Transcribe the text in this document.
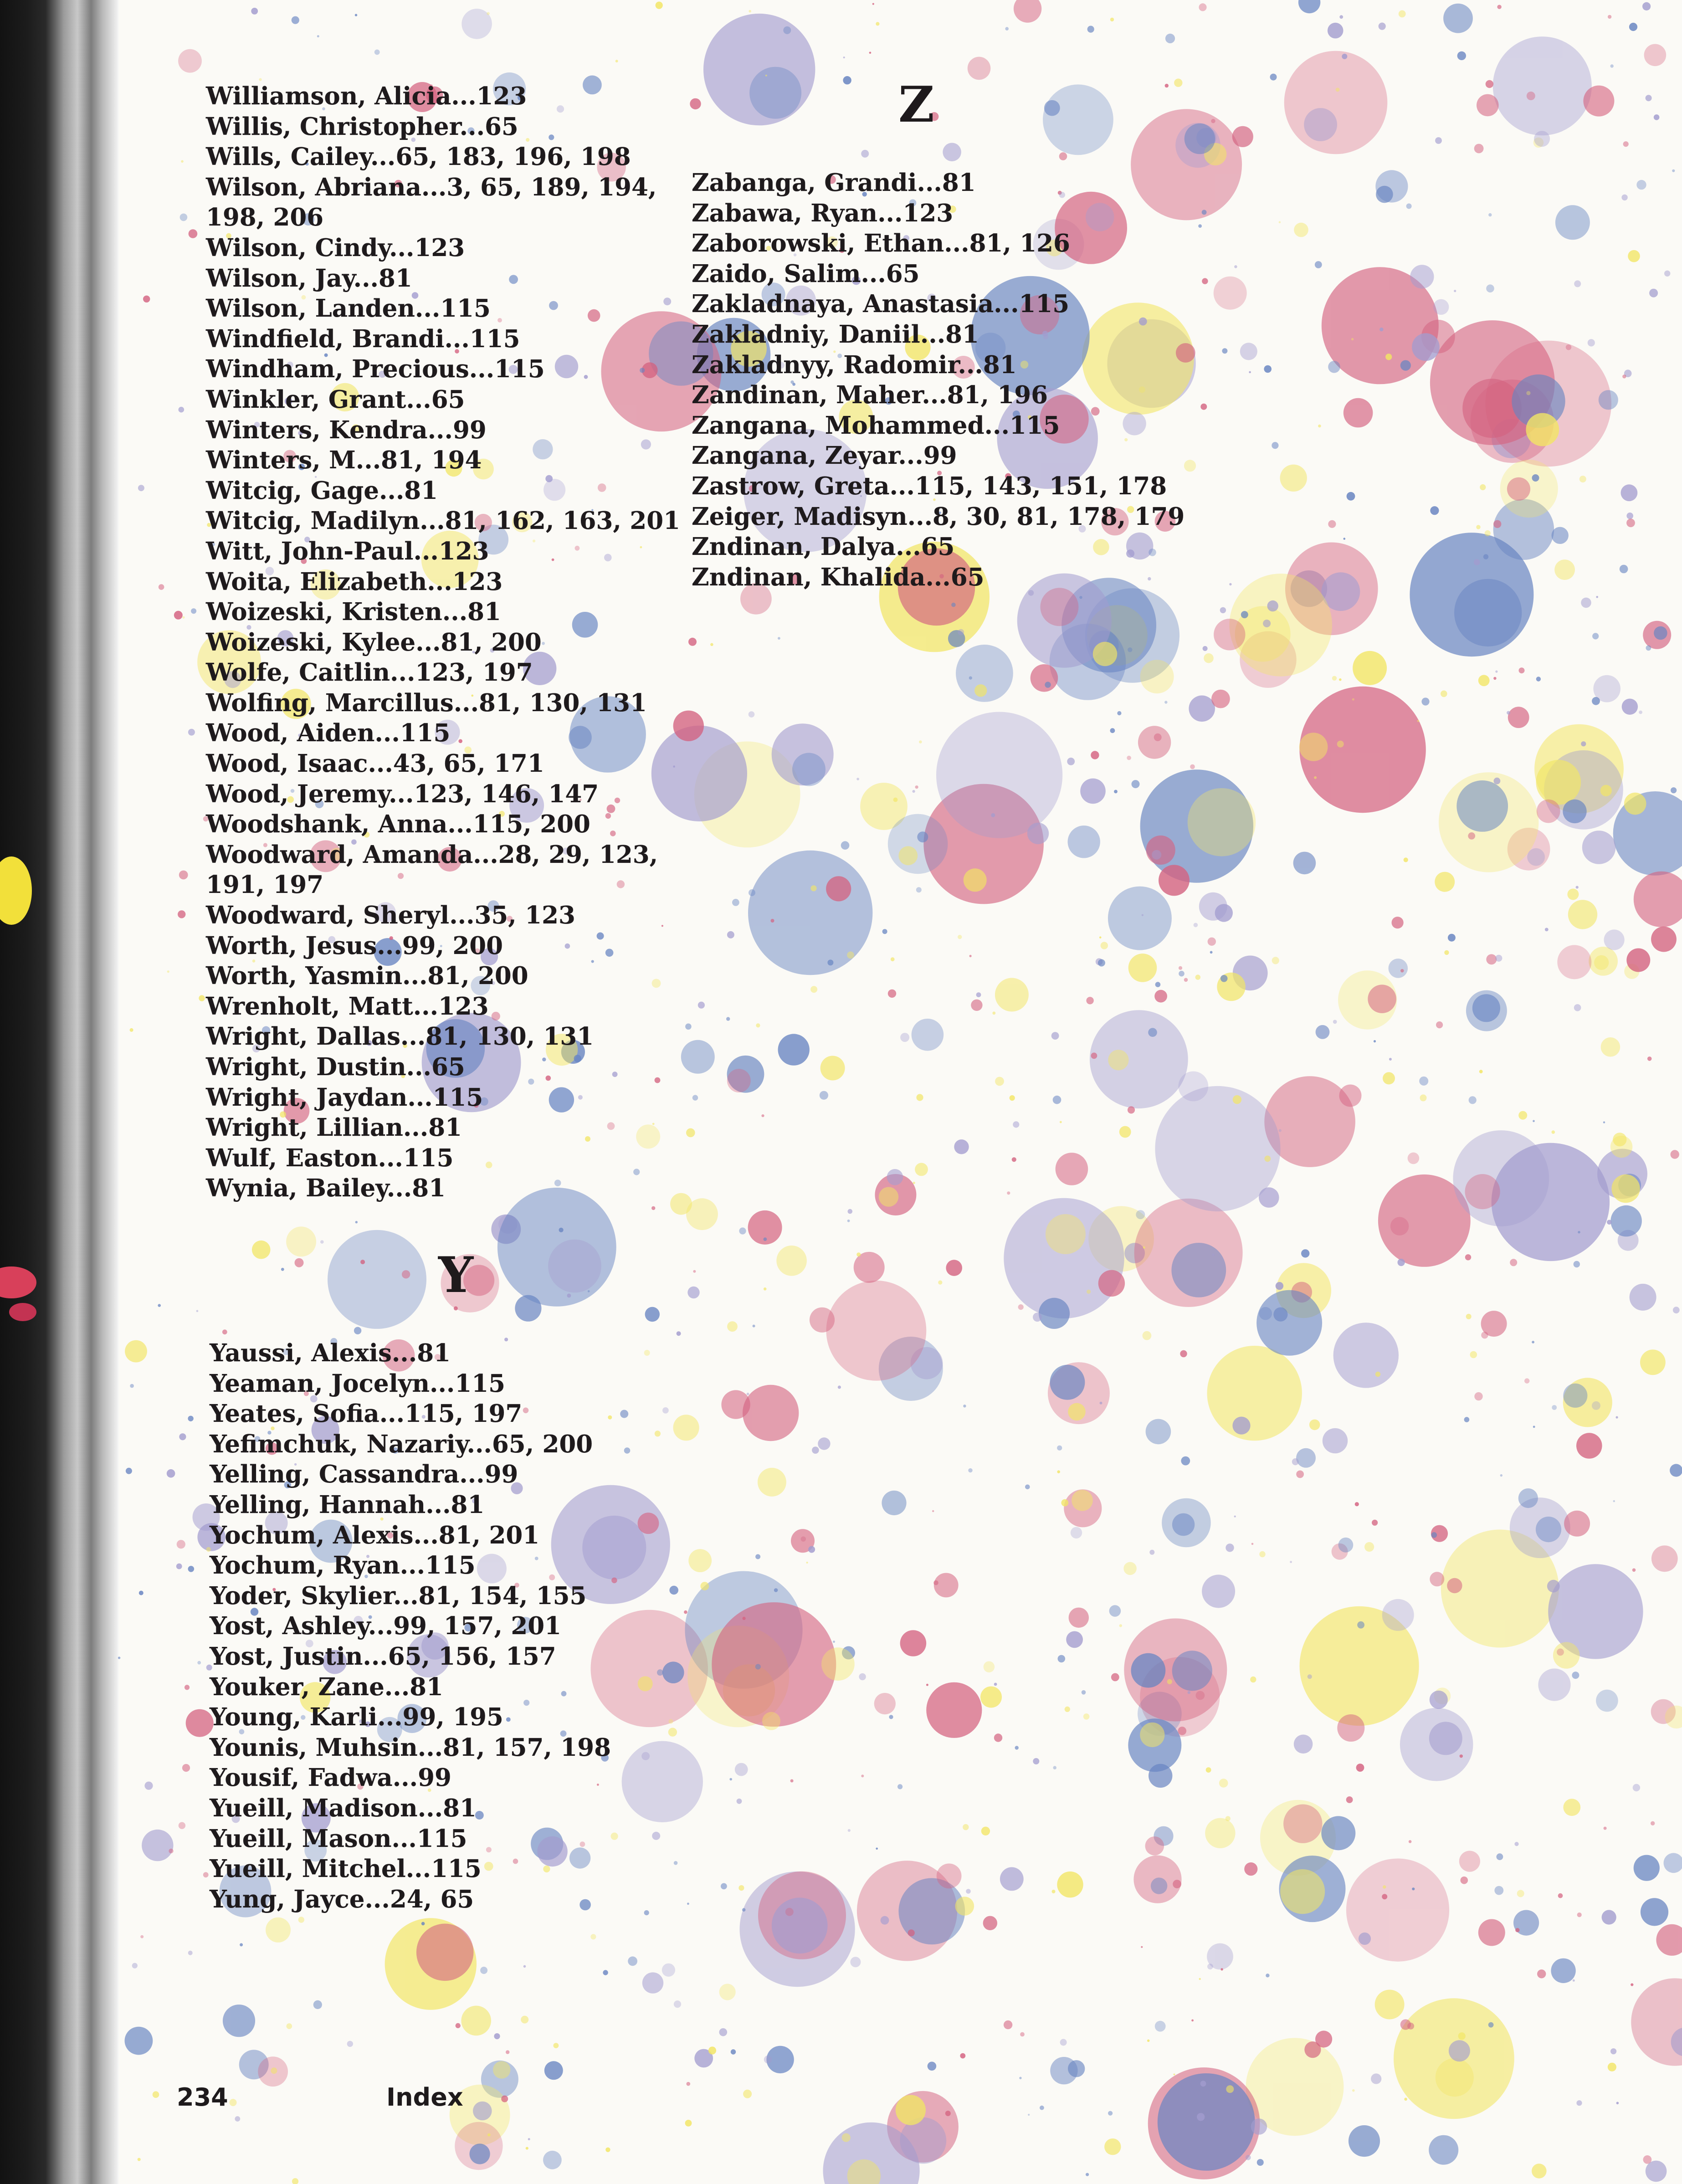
Z
Williamson, Alicia...123
Willis, Christopher...65
Wills, Cailey...65, 183, 196, 198
Wilson, Abriana...3, 65, 189, 194,
198, 206
Wilson, Cindy...123
Wilson, Jay...81
Wilson, Landen...115
Windfield, Brandi...115
Windham, Precious...115
Winkler, Grant...65
Winters, Kendra...99
Winters, M...81, 194
Witcig, Gage...81
Witcig, Madilyn...81, 162, 163, 201
Witt, John-Paul...123
Woita, Elizabeth...123
Woizeski, Kristen...81
Woizeski, Kylee...81, 200
Wolfe, Caitlin...123, 197
Wolfing, Marcillus...81, 130, 131
Wood, Aiden...115
Wood, Isaac...43, 65, 171
Wood, Jeremy...123, 146, 147
Woodshank, Anna...115, 200
Woodward, Amanda...28, 29, 123,
191, 197
Woodward, Sheryl...35, 123
Worth, Jesus...99, 200
Worth, Yasmin...81, 200
Wrenholt, Matt...123
Wright, Dallas...81, 130, 131
Wright, Dustin...65
Wright, Jaydan...115
Wright, Lillian...81
Wulf, Easton...115
Wynia, Bailey...81
Y
Yaussi, Alexis...81
Yeaman, Jocelyn...115
Yeates, Sofia...115, 197
Yefimchuk, Nazariy...65, 200
Yelling, Cassandra...99
Yelling, Hannah...81
Yochum, Alexis...81, 201
Yochum, Ryan...115
Yoder, Skylier...81, 154, 155
Yost, Ashley...99, 157, 201
Yost, Justin...65, 156, 157
Youker, Zane...81
Young, Karli...99, 195
Younis, Muhsin...81, 157, 198
Yousif, Fadwa...99
Yueill, Madison...81
Yueill, Mason...115
Yueill, Mitchel...115
Yung, Jayce...24, 65
Zabanga, Grandi...81
Zabawa, Ryan...123
Zaborowski, Ethan...81, 126
Zaido, Salim...65
Zakladnaya, Anastasia...115
Zakladniy, Daniil...81
Zakladnyy, Radomir...81
Zandinan, Maher...81, 196
Zangana, Mohammed...115
Zangana, Zeyar...99
Zastrow, Greta...115, 143, 151, 178
Zeiger, Madisyn...8, 30, 81, 178, 179
Zndinan, Dalya...65
Zndinan, Khalida...65
234	Index
